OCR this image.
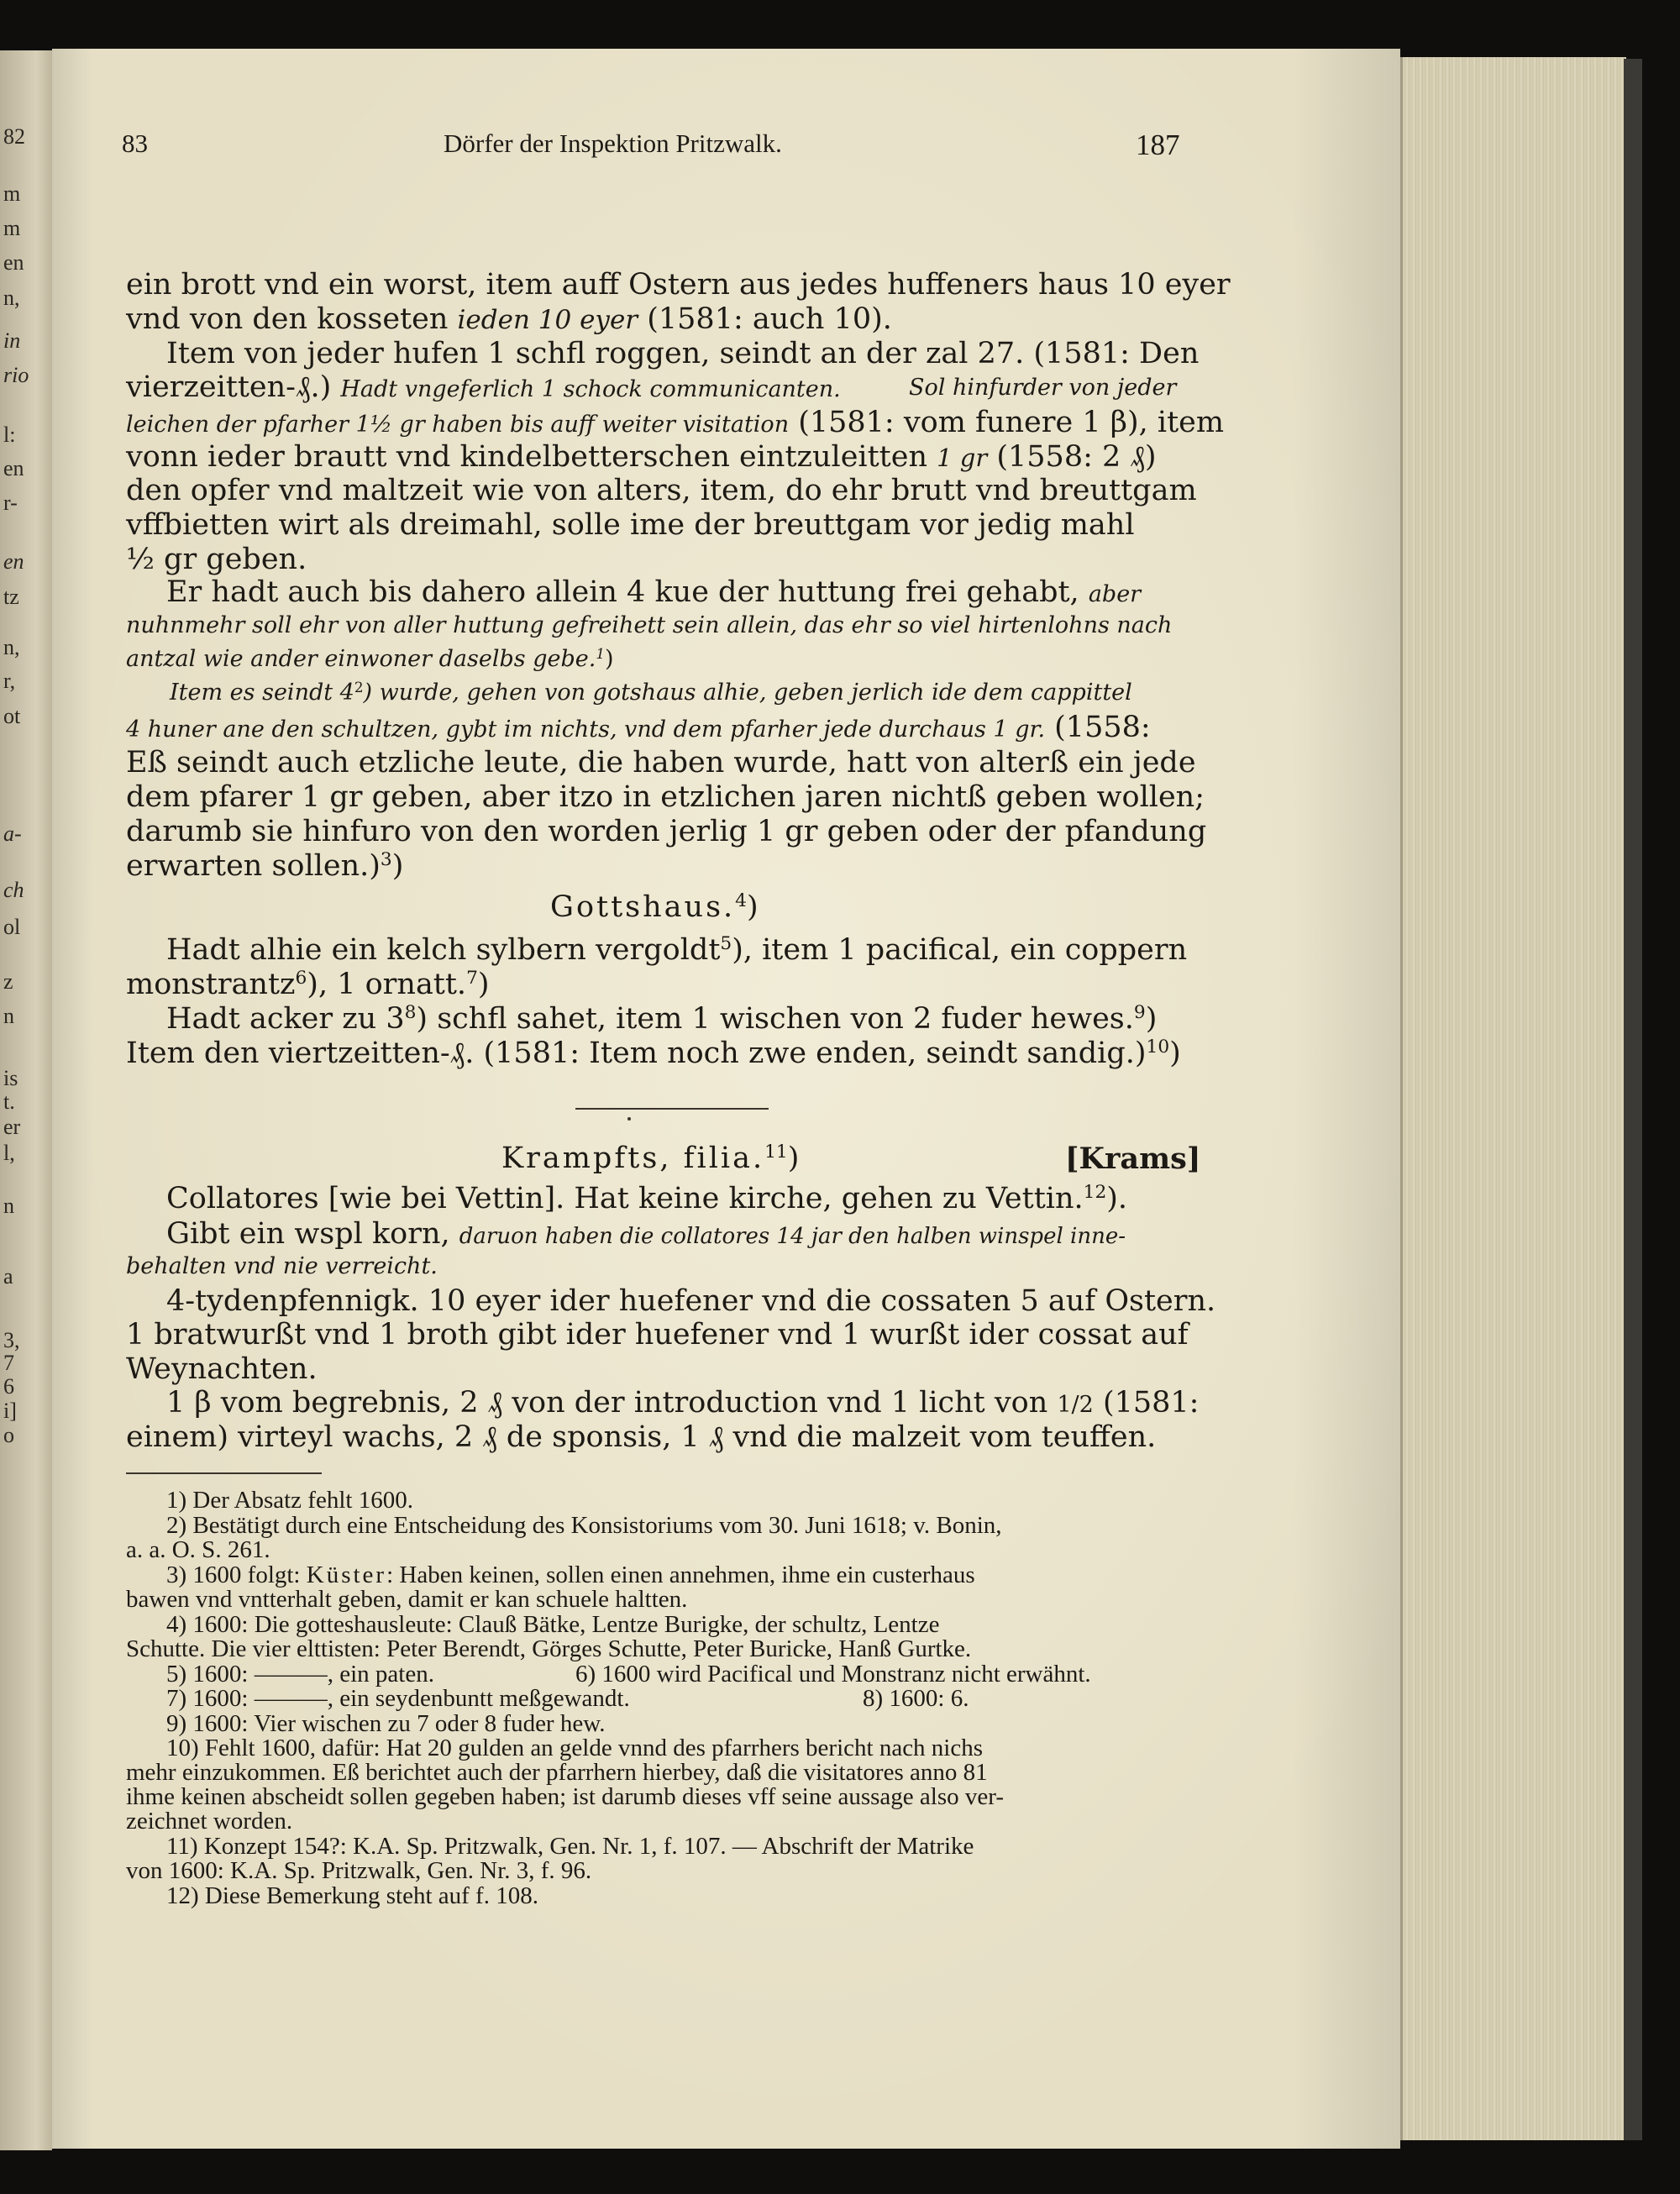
82
m
m
en
n,
in
rio
l:
en
r-
en
tz
n,
r,
ot
a-
ch
ol
z
n
is
t.
er
l,
n
a
3,
7
6
i]
o
83	Dörfer der Inspektion Pritzwalk.	187
ein brott vnd ein worst, item auff Ostern aus jedes huffeners haus 10 eyer
vnd von den kosseten ieden 10 eyer (1581: auch 10).
Item von jeder hufen 1 schfl roggen, seindt an der zal 27. (1581: Den
vierzeitten-₰.) Hadt vngeferlich 1 schock communicanten.	Sol hinfurder von jeder
leichen der pfarher 1½ gr haben bis auff weiter visitation (1581: vom funere 1 β), item
vonn ieder brautt vnd kindelbetterschen eintzuleitten 1 gr (1558: 2 ₰)
den opfer vnd maltzeit wie von alters, item, do ehr brutt vnd breuttgam
vffbietten wirt als dreimahl, solle ime der breuttgam vor jedig mahl
½ gr geben.
Er hadt auch bis dahero allein 4 kue der huttung frei gehabt, aber
nuhnmehr soll ehr von aller huttung gefreihett sein allein, das ehr so viel hirtenlohns nach
antzal wie ander einwoner daselbs gebe.$^1$)
Item es seindt $4^2$) wurde, gehen von gotshaus alhie, geben jerlich ide dem cappittel
4 huner ane den schultzen, gybt im nichts, vnd dem pfarher jede durchaus 1 gr. (1558:
Eß seindt auch etzliche leute, die haben wurde, hatt von alterß ein jede
dem pfarer 1 gr geben, aber itzo in etzlichen jaren nichtß geben wollen;
darumb sie hinfuro von den worden jerlig 1 gr geben oder der pfandung
erwarten sollen.)$^3$)
Gottshaus.$^4$)
Hadt alhie ein kelch sylbern vergoldt$^5$), item 1 pacifical, ein coppern
monstrantz$^6$), 1 ornatt.$^7$)
Hadt acker zu $3^8$) schfl sahet, item 1 wischen von 2 fuder hewes.$^9$)
Item den viertzeitten-₰. (1581: Item noch zwe enden, seindt sandig.)$^{10}$)
Krampfts, filia.$^{11}$)	[Krams]
Collatores [wie bei Vettin]. Hat keine kirche, gehen zu Vettin.$^{12}$).
Gibt ein wspl korn, daruon haben die collatores 14 jar den halben winspel inne-
behalten vnd nie verreicht.
4-tydenpfennigk. 10 eyer ider huefener vnd die cossaten 5 auf Ostern.
1 bratwurßt vnd 1 broth gibt ider huefener vnd 1 wurßt ider cossat auf
Weynachten.
1 β vom begrebnis, 2 ₰ von der introduction vnd 1 licht von 1/2 (1581:
einem) virteyl wachs, 2 ₰ de sponsis, 1 ₰ vnd die malzeit vom teuffen.
1) Der Absatz fehlt 1600.
2) Bestätigt durch eine Entscheidung des Konsistoriums vom 30. Juni 1618; v. Bonin,
a. a. O. S. 261.
3) 1600 folgt: Küster: Haben keinen, sollen einen annehmen, ihme ein custerhaus
bawen vnd vntterhalt geben, damit er kan schuele haltten.
4) 1600: Die gotteshausleute: Clauß Bätke, Lentze Burigke, der schultz, Lentze
Schutte. Die vier elttisten: Peter Berendt, Görges Schutte, Peter Buricke, Hanß Gurtke.
5) 1600: ———, ein paten.	6) 1600 wird Pacifical und Monstranz nicht erwähnt.
7) 1600: ———, ein seydenbuntt meßgewandt.	8) 1600: 6.
9) 1600: Vier wischen zu 7 oder 8 fuder hew.
10) Fehlt 1600, dafür: Hat 20 gulden an gelde vnnd des pfarrhers bericht nach nichs
mehr einzukommen. Eß berichtet auch der pfarrhern hierbey, daß die visitatores anno 81
ihme keinen abscheidt sollen gegeben haben; ist darumb dieses vff seine aussage also ver-
zeichnet worden.
11) Konzept 154?: K.A. Sp. Pritzwalk, Gen. Nr. 1, f. 107. — Abschrift der Matrike
von 1600: K.A. Sp. Pritzwalk, Gen. Nr. 3, f. 96.
12) Diese Bemerkung steht auf f. 108.
